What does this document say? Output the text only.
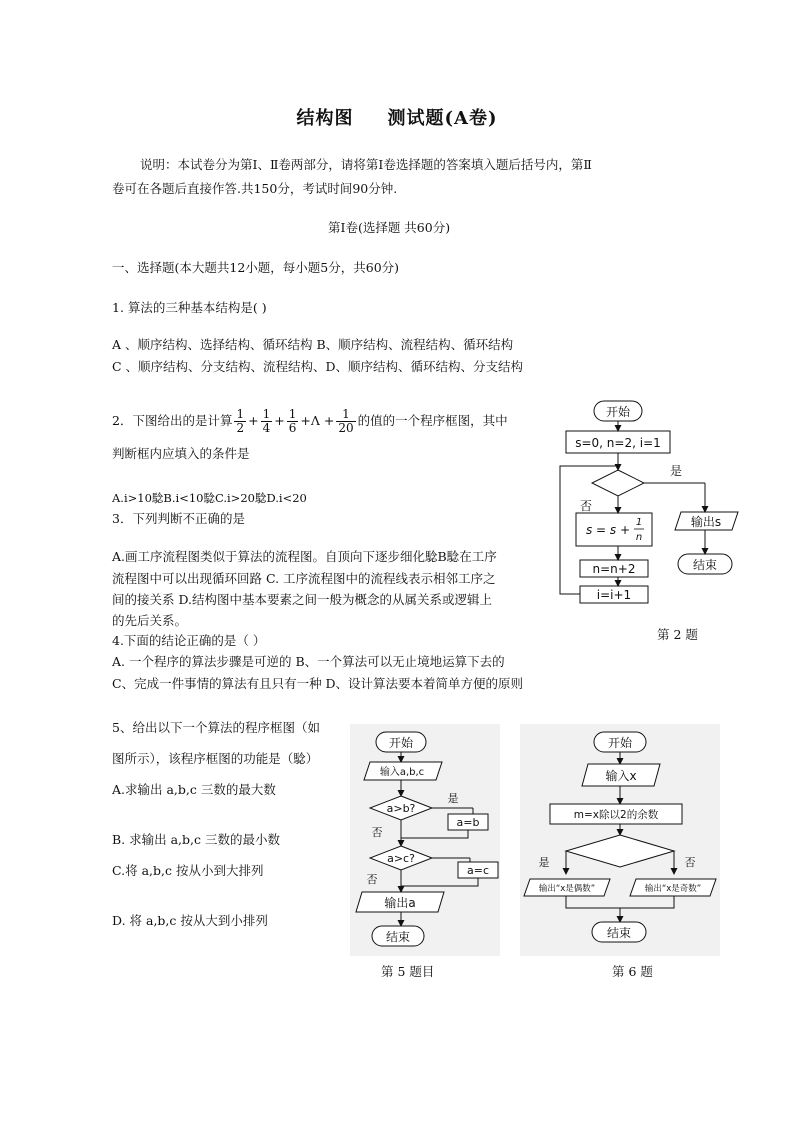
结构图 测试题(A卷)
说明：本试卷分为第Ⅰ、Ⅱ卷两部分，请将第Ⅰ卷选择题的答案填入题后括号内，第Ⅱ
卷可在各题后直接作答.共150分，考试时间90分钟.
第Ⅰ卷(选择题 共60分)
一、选择题(本大题共12小题，每小题5分，共60分)
1. 算法的三种基本结构是( )
A 、顺序结构、选择结构、循环结构 B、顺序结构、流程结构、循环结构
C 、顺序结构、分支结构、流程结构、D、顺序结构、循环结构、分支结构
2．下图给出的是计算 $\frac{1}{2} + \frac{1}{4} + \frac{1}{6} +\Lambda + \frac{1}{20}$ 的值的一个程序框图，其中
判断框内应填入的条件是
A.i>10騐B.i<10騐C.i>20騐D.i<20
开始
s=0, n=2, i=1
是
否
s = s +
1
n
n=n+2
i=i+1
输出s
结束
第 2 题
3．下列判断不正确的是
A.画工序流程图类似于算法的流程图。自顶向下逐步细化騐B騐在工序
流程图中可以出现循环回路 C. 工序流程图中的流程线表示相邻工序之
间的接关系 D.结构图中基本要素之间一般为概念的从属关系或逻辑上
的先后关系。
4.下面的结论正确的是（ ）
A. 一个程序的算法步骤是可逆的 B、一个算法可以无止境地运算下去的
C、完成一件事情的算法有且只有一种 D、设计算法要本着简单方便的原则
5、给出以下一个算法的程序框图（如
图所示），该程序框图的功能是（騐）
A.求输出 a,b,c 三数的最大数
B. 求输出 a,b,c 三数的最小数
C.将 a,b,c 按从小到大排列
D. 将 a,b,c 按从大到小排列
开始
输入a,b,c
a>b?
是
a=b
否
a>c?
a=c
否
输出a
结束
第 5 题目
开始
输入x
m=x除以2的余数
是	否
输出“x是偶数”	输出“x是奇数”
结束
第 6 题
